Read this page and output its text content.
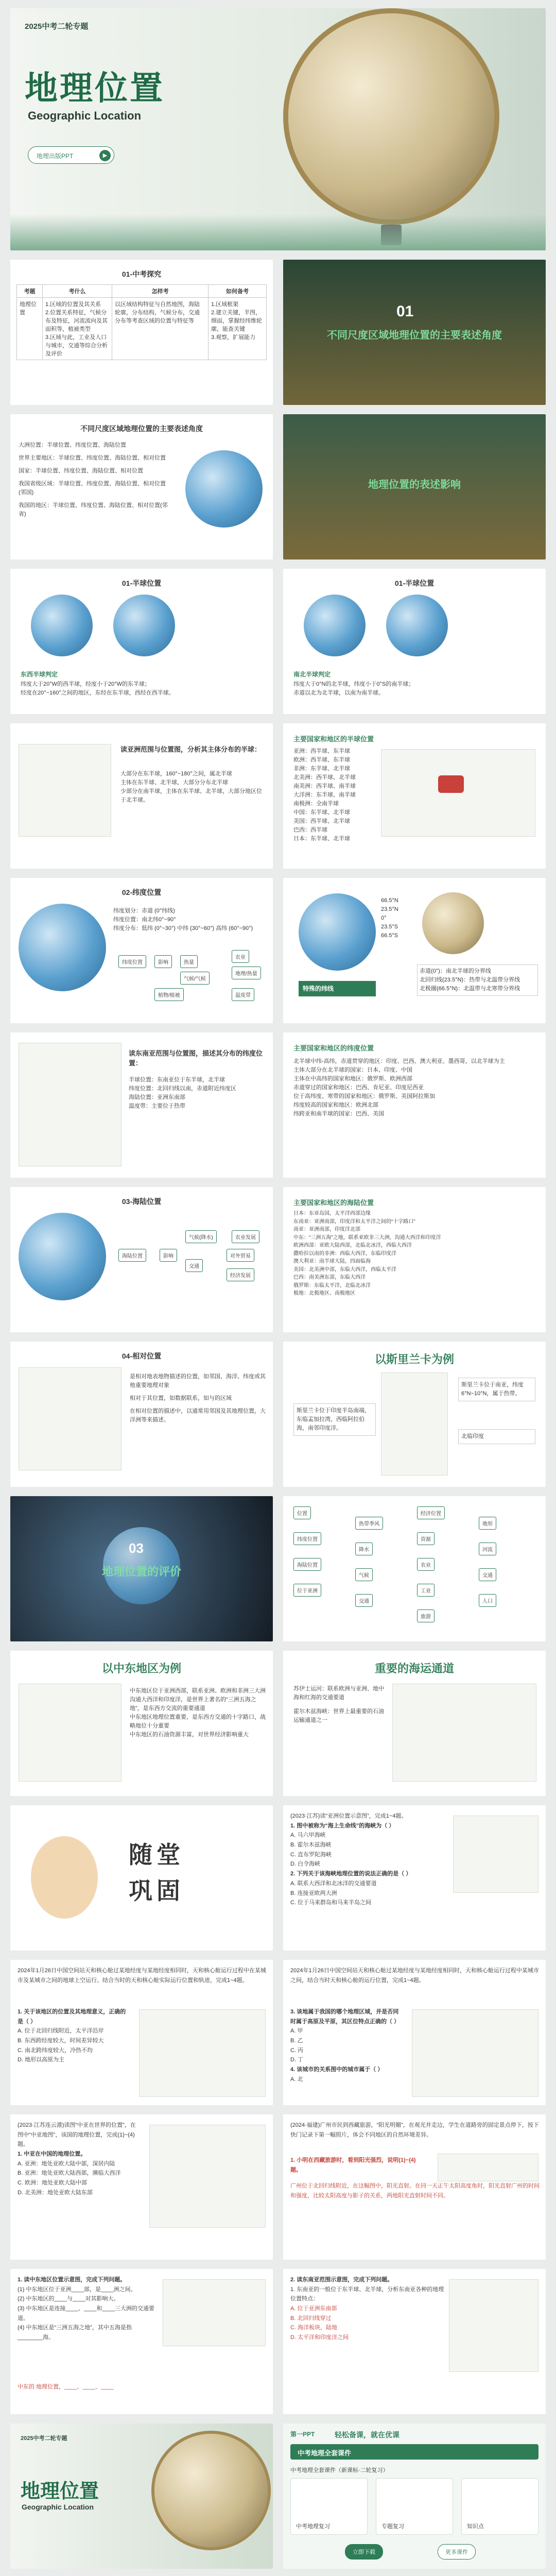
2025中考二轮专题
地理位置
Geographic Location
地理出版PPT	▶
01-中考探究
考题	考什么	怎样考	如何备考
地理位置	1.区域的位置及其关系
2.位置关系特征，气候分布及特征，河流流向及其面积等，植被类型
3.区域与此，工业及人口与城市，交通等综合分析及评价	以区域结构特征与自然地图，海陆轮廓，分布结构，气候分布，交通分布等考查区域的位置与特征等	1.区域框架
2.建立关键，半图，细面，掌握经纬维轮廓，能查关键
3.观察，扩展能力
01
不同尺度区域地理位置的主要表述角度
不同尺度区域地理位置的主要表述角度
大洲位置：半球位置、纬度位置、海陆位置
世界主要地区：半球位置、纬度位置、海陆位置、相对位置
国家：半球位置、纬度位置、海陆位置、相对位置
我国省级区域：半球位置、纬度位置、海陆位置、相对位置(邻国)
我国的地区：半球位置、纬度位置、海陆位置、相对位置(邻省)
地理位置的表述影响
01-半球位置
东西半球判定
纬度大于20°W的西半球，经度小于20°W的东半球；
经度在20°~160°之间的地区，东经在东半球，西经在西半球。
01-半球位置
南北半球判定
纬度大于0°N的北半球，纬度小于0°S的南半球；
赤道以北为北半球，以南为南半球。
读亚洲范围与位置图，分析其主体分布的半球：
大部分在东半球，160°~180°之间，属北半球
主体在东半球、北半球，大部分分布北半球
少部分在南半球，主体在东半球、北半球，大部分地区位于北半球。
主要国家和地区的半球位置
亚洲：西半球、东半球
欧洲：西半球、东半球
非洲：东半球、北半球
北美洲：西半球、北半球
南美洲：西半球、南半球
大洋洲：东半球、南半球
南极洲：全南半球
中国：东半球、北半球
美国：西半球、北半球
巴西：西半球
日本：东半球、北半球
02-纬度位置
纬度划分：赤道 (0°纬线)
纬度位置：南北纬0°~90°
纬度分布：低纬 (0°~30°) 中纬 (30°~60°) 高纬 (60°~90°)
纬度位置	影响	热量
农业
气候/气候
地理/热量
植物/植被	温度带
66.5°N
23.5°N
0°
23.5°S
66.5°S
特殊的纬线
赤道(0°)：南北半球的分界线
北回归线(23.5°N)：热带与北温带分界线
北极圈(66.5°N)：北温带与北寒带分界线
读东南亚范围与位置图，描述其分布的纬度位置：
半球位置：东南亚位于东半球，北半球
纬度位置：北回归线以南，赤道附近纬度区
海陆位置：亚洲东南部
温度带：主要位于热带
主要国家和地区的纬度位置
北半球中纬-高纬，赤道贯穿的地区：印度、巴西、澳大利亚、墨西哥，以北半球为主
主体大部分在北半球的国家：日本、印度、中国
主体在中高纬的国家和地区：俄罗斯、欧洲西部
赤道穿过的国家和地区：巴西、肯尼亚、印度尼西亚
位于高纬度、寒带的国家和地区：俄罗斯、美国阿拉斯加
纬度较高的国家和地区：欧洲北部
纬跨亚和南半球的国家：巴西、美国
03-海陆位置
海陆位置	影响
气候(降水)	农业发展
交通
对外贸易
经济发展
主要国家和地区的海陆位置
日本：东亚岛国，太平洋西部边缘
东南亚：亚洲南部，印度洋和太平洋之间的“十字路口”
南亚：亚洲南部，印度洋北部
中东：“三洲五海”之地，联系亚欧非三大洲，沟通大西洋和印度洋
欧洲西部：亚欧大陆西部，北临北冰洋，西临大西洋
撒哈拉以南的非洲：西临大西洋，东临印度洋
澳大利亚：南半球大陆，四面临海
美国：北美洲中部，东临大西洋，西临太平洋
巴西：南美洲东部，东临大西洋
俄罗斯：东临太平洋，北临北冰洋
极地：北极地区、南极地区
04-相对位置
是相对地表地物描述的位置，如邻国、海洋、纬度或其他重要地理对象
相对于其位置，如数据联系，如与的区域
在相对位置的描述中，以通常用邻国及其地理位置，大洋洲等来描述。
以斯里兰卡为例
斯里兰卡位于印度半岛南端，东临孟加拉湾，西临阿拉伯海，南邻印度洋。
斯里兰卡位于南亚，纬度6°N~10°N，属于热带。
北临印度
03
地理位置的评价
位置
纬度位置
海陆位置
位于亚洲
热带季风
降水
气候
交通
经济位置
资源
农业
工业
旅游
地形
河流
交通
人口
以中东地区为例
中东地区位于亚洲西部，联系亚洲、欧洲和非洲三大洲
沟通大西洋和印度洋，是世界上著名的“三洲五海之地”，是东西方交流的重要通道
中东地区地理位置重要，是东西方交通的十字路口，战略地位十分重要
中东地区的石油资源丰富，对世界经济影响重大
重要的海运通道
苏伊士运河：联系欧洲与亚洲、地中海和红海的交通要道
霍尔木兹海峡：世界上最重要的石油运输通道之一
随堂
巩固
(2023·江苏)读“亚洲位置示意图”，完成1~4题。
1. 图中被称为“海上生命线”的海峡为（ ）
A. 马六甲海峡
B. 霍尔木兹海峡
C. 直布罗陀海峡
D. 白令海峡
2. 下列关于该海峡地理位置的说法正确的是（ ）
A. 联系大西洋和北冰洋的交通要道
B. 连接亚欧两大洲
C. 位于马来群岛和马来半岛之间
2024年1月26日中国空间站天和核心舱过某地经度与某地经度相同时，天和核心舱运行过程中在某城市及某城市之间的地球上空运行。结合当时的天和核心舱实际运行位置和轨迹，完成1~4题。
1. 关于该地区的位置及其地理意义，正确的是（ ）
A. 位于北回归线附近，太平洋沿岸
B. 东西跨经度较大，时间差异较大
C. 南北跨纬度较大，冷热不均
D. 地形以高原为主
2024年1月26日中国空间站天和核心舱过某地经度与某地经度相同时，天和核心舱运行过程中某城市之间，结合当时天和核心舱的运行位置，完成1~4题。
3. 该地属于我国的哪个地理区域，并是否同时属于高原及平原，其区位特点正确的（ ）
A. 甲
B. 乙
C. 丙
D. 丁
4. 该城市的关系图中的城市属于（ ）
A. 北
(2023·江苏连云港)读图“中亚在世界的位置”，在图中“中亚地图”，该国的地理位置，完成(1)~(4)题。
1. 中亚在中国的地理位置。
A. 亚洲：地处亚欧大陆中部，深居内陆
B. 亚洲：地处亚欧大陆西部，濒临大西洋
C. 欧洲：地处亚欧大陆中部
D. 北美洲：地处亚欧大陆东部
(2024·福建)广州市民到西藏旅游，“阳光明媚”，在观光并走边，学生在道路旁的固定景点停下，按下快门记录下第一幅照片，体会不同地区的自然环境差异。
1. 小明在西藏旅游时，看到阳光强烈，说明(1)~(4)题。
广州位于北回归线附近，在这幅图中，阳光直射。在同一天正午太阳高度角时，阳光直射广州的时间和强度，比较太阳高度与影子的关系，两地阳光直射时间不同。
1. 读中东地区位置示意图，完成下列问题。
(1) 中东地区位于亚洲____部，是____洲之间。
(2) 中东地区的____与____对其影响大。
(3) 中东地区是连接____、____和____三大洲的交通要道。
(4) 中东地区是“三洲五海之地”，其中五海是指________海。
中东的 地理位置，____、____、____
2. 读东南亚范围示意图，完成下列问题。
1. 东南亚的一般位于东半球、北半球，分析东南亚各种的地理位置特点：
A. 位于亚洲东南部
B. 北回归线穿过
C. 海洋板块，陆地
D. 太平洋和印度洋之间
2025中考二轮专题
地理位置
Geographic Location
第一PPT	轻松备课，就在优课
中考地理全套课件
中考地理全套课件（新课标·二轮复习）
中考地理复习	专题复习	知识点
立即下载	更多课件
